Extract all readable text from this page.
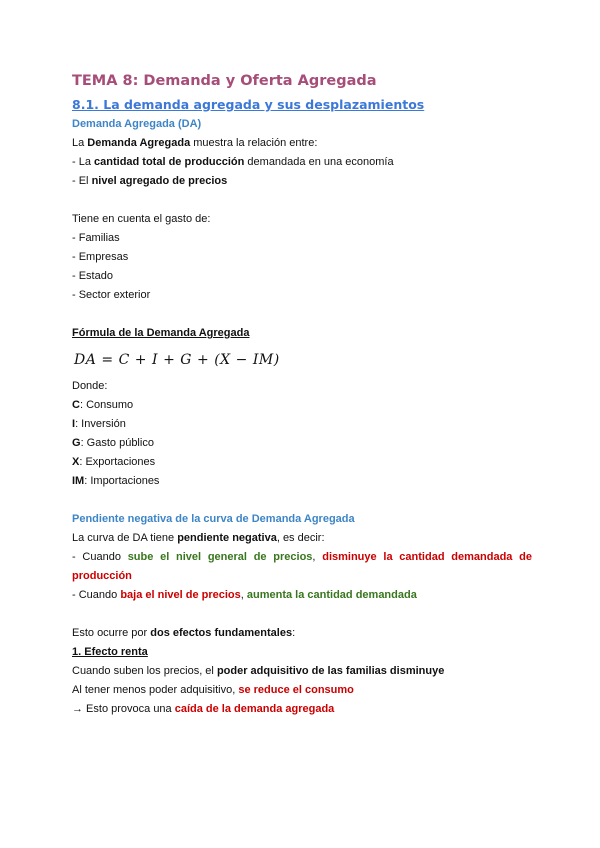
TEMA 8: Demanda y Oferta Agregada
8.1. La demanda agregada y sus desplazamientos
Demanda Agregada (DA)
La Demanda Agregada muestra la relación entre:
- La cantidad total de producción demandada en una economía
- El nivel agregado de precios
Tiene en cuenta el gasto de:
- Familias
- Empresas
- Estado
- Sector exterior
Fórmula de la Demanda Agregada
DA = C + I + G + (X − IM)
Donde:
C: Consumo
I: Inversión
G: Gasto público
X: Exportaciones
IM: Importaciones
Pendiente negativa de la curva de Demanda Agregada
La curva de DA tiene pendiente negativa, es decir:
- Cuando sube el nivel general de precios, disminuye la cantidad demandada de producción
- Cuando baja el nivel de precios, aumenta la cantidad demandada
Esto ocurre por dos efectos fundamentales:
1. Efecto renta
Cuando suben los precios, el poder adquisitivo de las familias disminuye
Al tener menos poder adquisitivo, se reduce el consumo
→ Esto provoca una caída de la demanda agregada
